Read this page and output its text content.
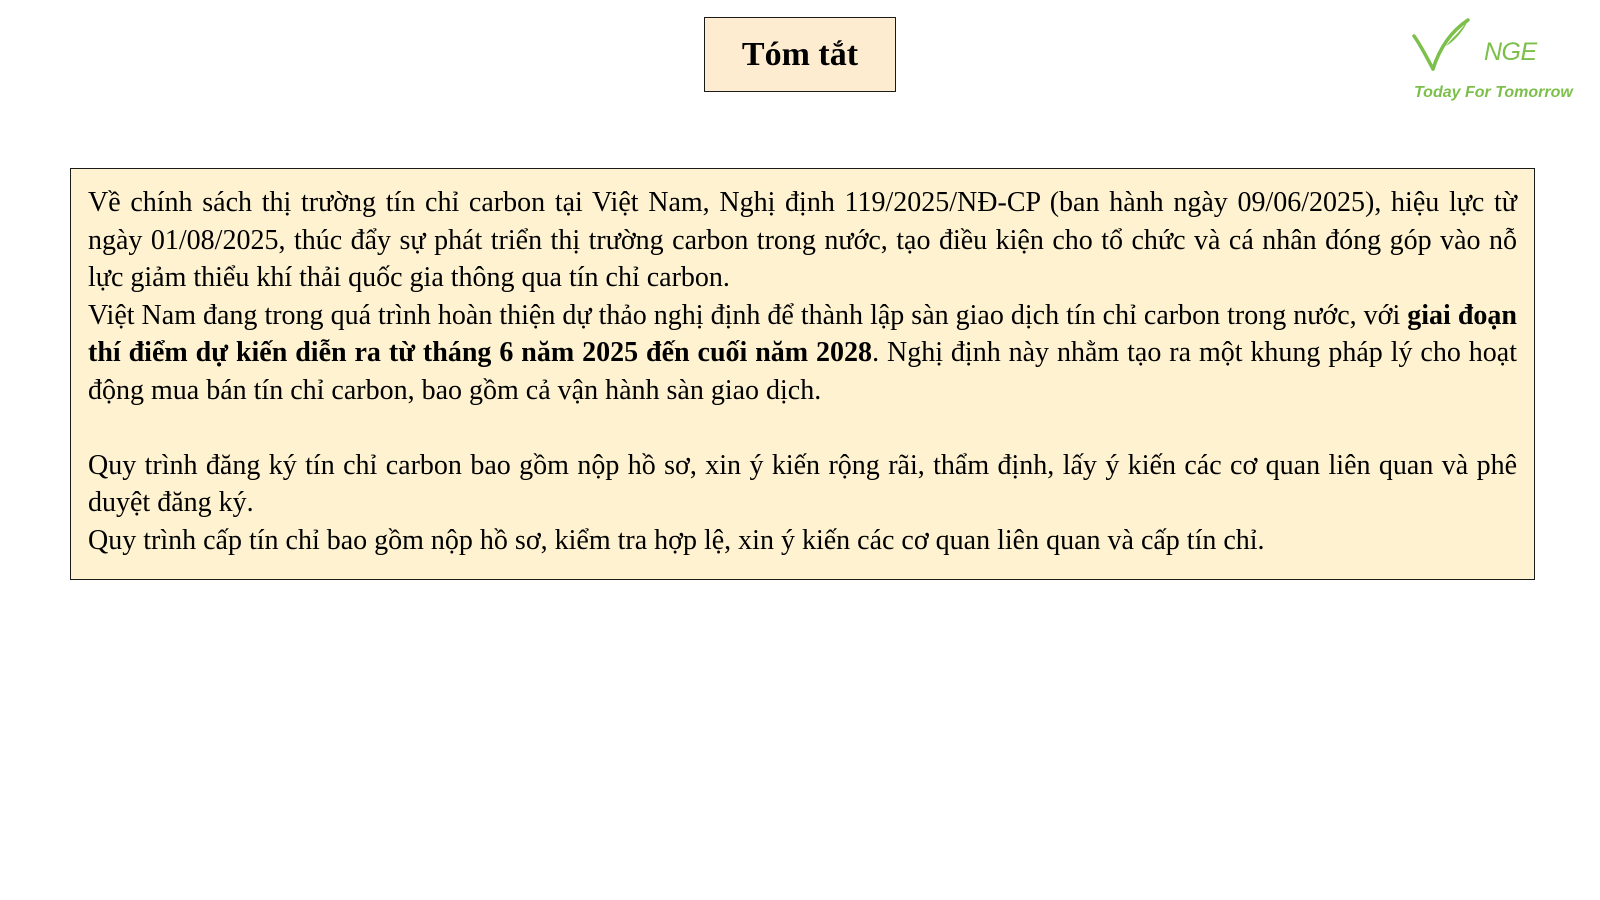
Tóm tắt	NGE
Today For Tomorrow

Về chính sách thị trường tín chỉ carbon tại Việt Nam, Nghị định 119/2025/NĐ-CP (ban hành ngày 09/06/2025), hiệu lực từ ngày 01/08/2025, thúc đẩy sự phát triển thị trường carbon trong nước, tạo điều kiện cho tổ chức và cá nhân đóng góp vào nỗ lực giảm thiểu khí thải quốc gia thông qua tín chỉ carbon.

Việt Nam đang trong quá trình hoàn thiện dự thảo nghị định để thành lập sàn giao dịch tín chỉ carbon trong nước, với giai đoạn thí điểm dự kiến diễn ra từ tháng 6 năm 2025 đến cuối năm 2028. Nghị định này nhằm tạo ra một khung pháp lý cho hoạt động mua bán tín chỉ carbon, bao gồm cả vận hành sàn giao dịch.

Quy trình đăng ký tín chỉ carbon bao gồm nộp hồ sơ, xin ý kiến rộng rãi, thẩm định, lấy ý kiến các cơ quan liên quan và phê duyệt đăng ký.

Quy trình cấp tín chỉ bao gồm nộp hồ sơ, kiểm tra hợp lệ, xin ý kiến các cơ quan liên quan và cấp tín chỉ.
